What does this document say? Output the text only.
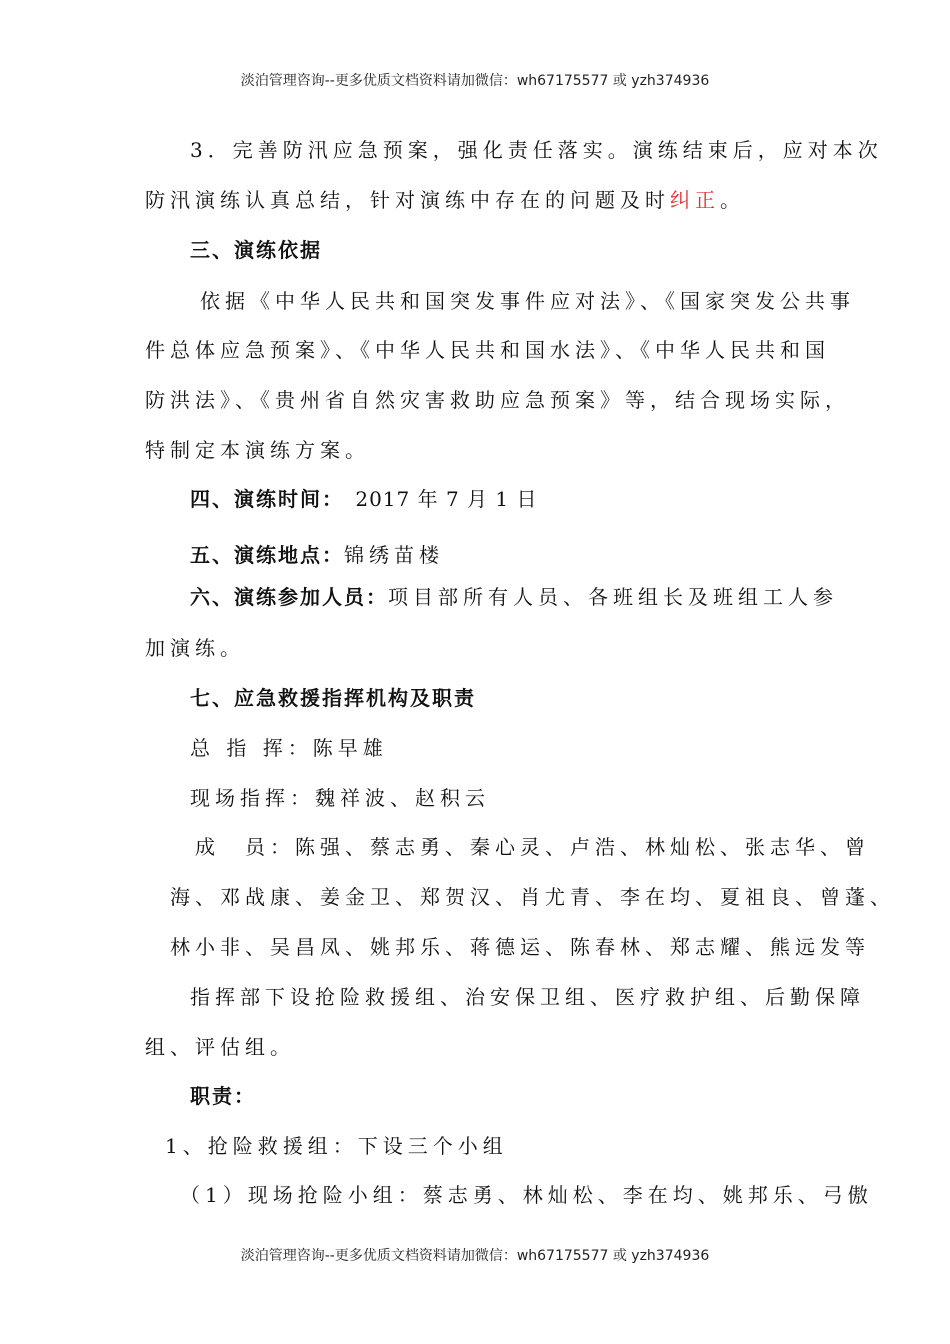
淡泊管理咨询--更多优质文档资料请加微信：wh67175577 或 yzh374936
3．完善防汛应急预案，强化责任落实。演练结束后，应对本次
防汛演练认真总结，针对演练中存在的问题及时纠正。
三、演练依据
依据《中华人民共和国突发事件应对法》、《国家突发公共事
件总体应急预案》、《中华人民共和国水法》、《中华人民共和国
防洪法》、《贵州省自然灾害救助应急预案》等，结合现场实际，
特制定本演练方案。
四、演练时间： 2017 年 7 月 1 日
五、演练地点：锦绣苗楼
六、演练参加人员：项目部所有人员、各班组长及班组工人参
加演练。
七、应急救援指挥机构及职责
总 指 挥：陈早雄
现场指挥：魏祥波、赵积云
成　员：陈强、蔡志勇、秦心灵、卢浩、林灿松、张志华、曾
海、邓战康、姜金卫、郑贺汉、肖尤青、李在均、夏祖良、曾蓬、
林小非、吴昌凤、姚邦乐、蒋德运、陈春林、郑志耀、熊远发等
指挥部下设抢险救援组、治安保卫组、医疗救护组、后勤保障
组、评估组。
职责：
1、抢险救援组：下设三个小组
（1）现场抢险小组：蔡志勇、林灿松、李在均、姚邦乐、弓傲
淡泊管理咨询--更多优质文档资料请加微信：wh67175577 或 yzh374936
